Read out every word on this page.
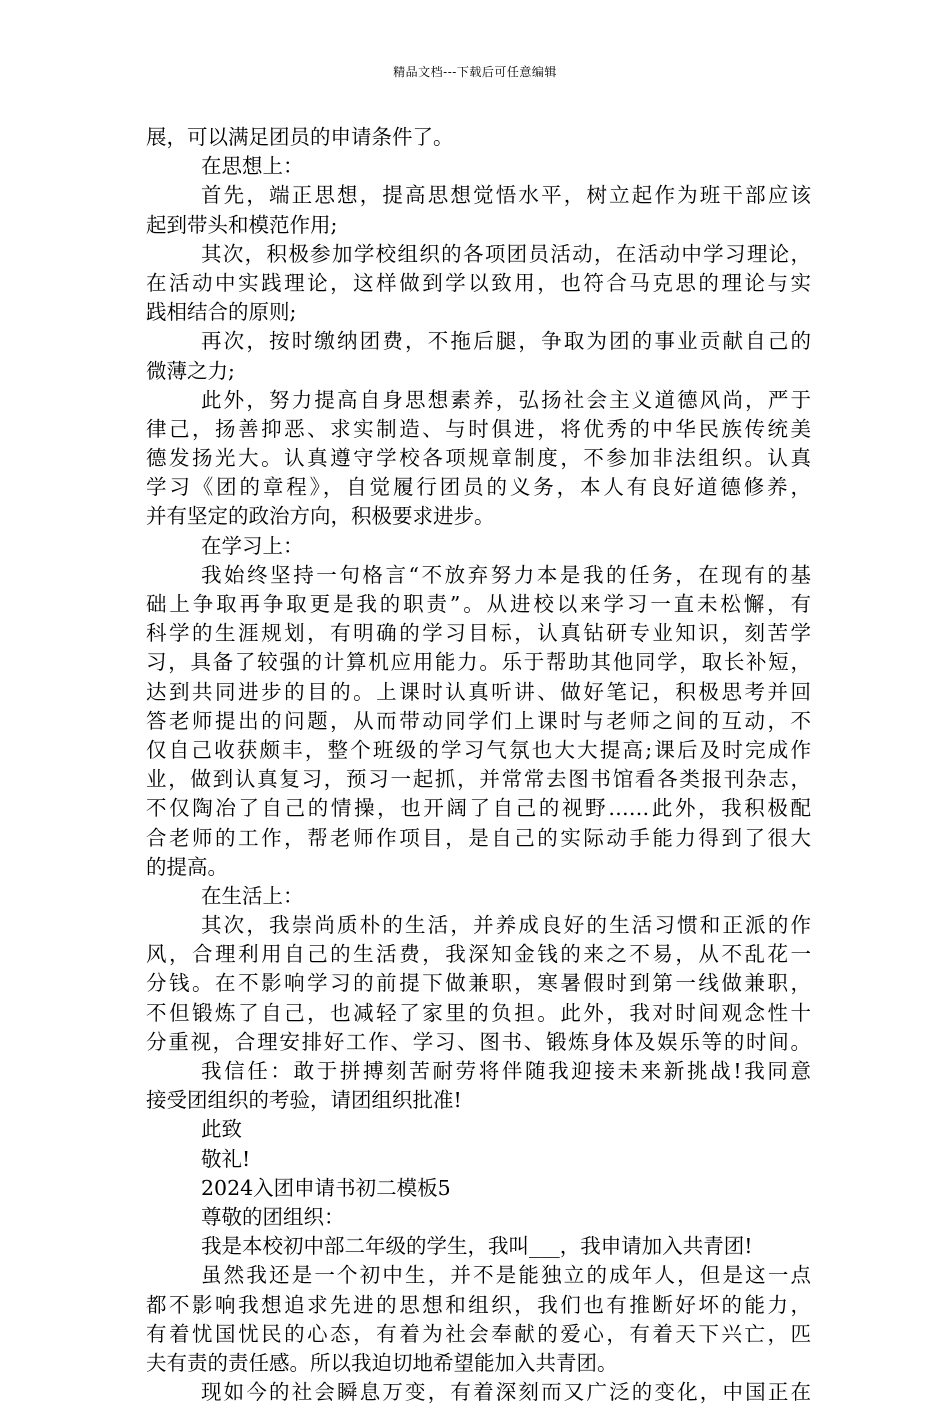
精品文档---下载后可任意编辑
展，可以满足团员的申请条件了。
在思想上：
首先，端正思想，提高思想觉悟水平，树立起作为班干部应该
起到带头和模范作用;
其次，积极参加学校组织的各项团员活动，在活动中学习理论，
在活动中实践理论，这样做到学以致用，也符合马克思的理论与实
践相结合的原则;
再次，按时缴纳团费，不拖后腿，争取为团的事业贡献自己的
微薄之力;
此外，努力提高自身思想素养，弘扬社会主义道德风尚，严于
律己，扬善抑恶、求实制造、与时俱进，将优秀的中华民族传统美
德发扬光大。认真遵守学校各项规章制度，不参加非法组织。认真
学习《团的章程》，自觉履行团员的义务，本人有良好道德修养，
并有坚定的政治方向，积极要求进步。
在学习上：
我始终坚持一句格言“不放弃努力本是我的任务，在现有的基
础上争取再争取更是我的职责”。从进校以来学习一直未松懈，有
科学的生涯规划，有明确的学习目标，认真钻研专业知识，刻苦学
习，具备了较强的计算机应用能力。乐于帮助其他同学，取长补短，
达到共同进步的目的。上课时认真听讲、做好笔记，积极思考并回
答老师提出的问题，从而带动同学们上课时与老师之间的互动，不
仅自己收获颇丰，整个班级的学习气氛也大大提高;课后及时完成作
业，做到认真复习，预习一起抓，并常常去图书馆看各类报刊杂志，
不仅陶冶了自己的情操，也开阔了自己的视野……此外，我积极配
合老师的工作，帮老师作项目，是自己的实际动手能力得到了很大
的提高。
在生活上：
其次，我崇尚质朴的生活，并养成良好的生活习惯和正派的作
风，合理利用自己的生活费，我深知金钱的来之不易，从不乱花一
分钱。在不影响学习的前提下做兼职，寒暑假时到第一线做兼职，
不但锻炼了自己，也减轻了家里的负担。此外，我对时间观念性十
分重视，合理安排好工作、学习、图书、锻炼身体及娱乐等的时间。
我信任：敢于拼搏刻苦耐劳将伴随我迎接未来新挑战!我同意
接受团组织的考验，请团组织批准!
此致
敬礼!
2024入团申请书初二模板5
尊敬的团组织：
我是本校初中部二年级的学生，我叫___，我申请加入共青团!
虽然我还是一个初中生，并不是能独立的成年人，但是这一点
都不影响我想追求先进的思想和组织，我们也有推断好坏的能力，
有着忧国忧民的心态，有着为社会奉献的爱心，有着天下兴亡，匹
夫有责的责任感。所以我迫切地希望能加入共青团。
现如今的社会瞬息万变，有着深刻而又广泛的变化，中国正在
